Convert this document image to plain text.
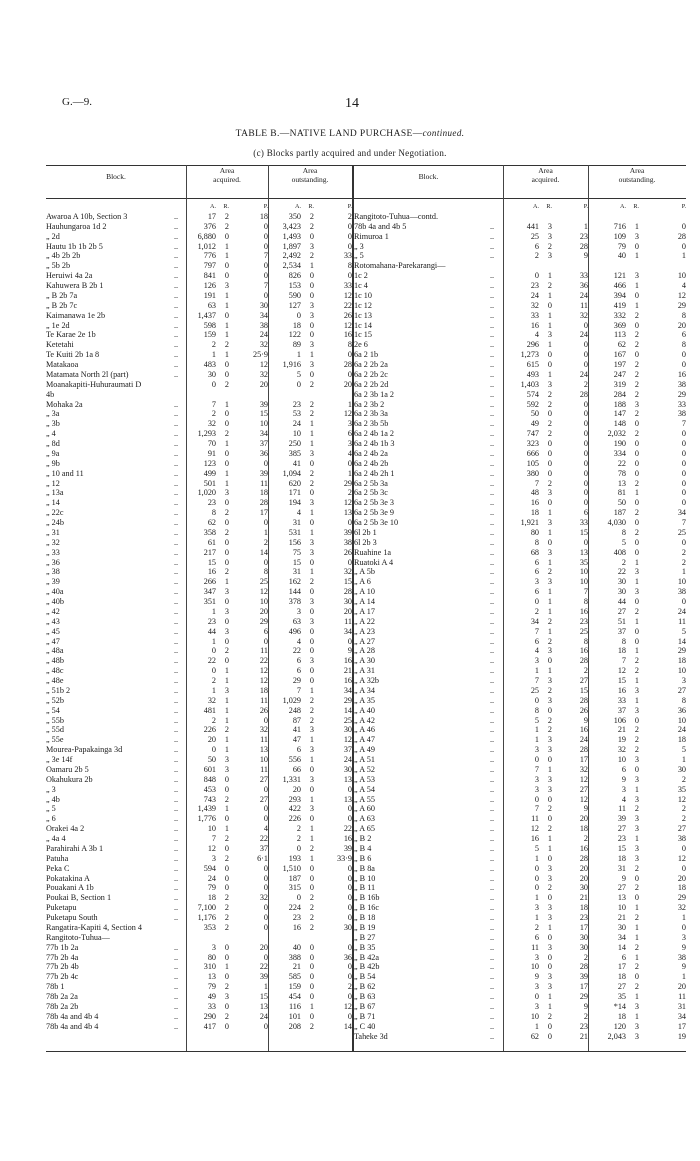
G.—9.	14
TABLE B.—NATIVE LAND PURCHASE—continued.
(c) Blocks partly acquired and under Negotiation.
Block.
Area
acquired.
Area
outstanding.	Block.
Area
acquired.
Area
outstanding.
		A.	R.	P.	A.	R.	P.
Awaroa A 10b, Section 3	..	17	2	18	350	2	2
Hauhungaroa 1d 2	..	376	2	0	3,423	2	0
„ 2d	..	6,880	0	0	1,493	0	0
Hautu 1b 1b 2b 5	..	1,012	1	0	1,897	3	0
„ 4b 2b 2b	..	776	1	7	2,492	2	33
„ 5b 2b	..	797	0	0	2,534	1	8
Heruiwi 4a 2a	..	841	0	0	826	0	0
Kahuwera B 2b 1	..	126	3	7	153	0	33
„ B 2b 7a	..	191	1	0	590	0	12
„ B 2b 7c	..	63	1	30	127	3	22
Kaimanawa 1e 2b	..	1,437	0	34	0	3	26
„ 1e 2d	..	598	1	38	18	0	12
Te Karae 2e 1b	..	159	1	24	122	0	16
Ketetahi	..	2	2	32	89	3	8
Te Kuiti 2b 1a 8	..	1	1	25·9	1	1	0
Matakaoa	..	483	0	12	1,916	3	28
Matamata North 2l (part)	..	30	0	32	5	0	0
Moanakapiti-Huhuraumati D		0	2	20	0	2	20
4b							
Mohaka 2a	..	7	1	39	23	2	1
„ 3a	..	2	0	15	53	2	12
„ 3b	..	32	0	10	24	1	3
„ 4	..	1,293	2	34	10	1	6
„ 8d	..	70	1	37	250	1	3
„ 9a	..	91	0	36	385	3	4
„ 9b	..	123	0	0	41	0	0
„ 10 and 11	..	499	1	39	1,094	2	1
„ 12	..	501	1	11	620	2	29
„ 13a	..	1,020	3	18	171	0	2
„ 14	..	23	0	28	194	3	12
„ 22c	..	8	2	17	4	1	13
„ 24b	..	62	0	0	31	0	0
„ 31	..	358	2	1	531	1	39
„ 32	..	61	0	2	156	3	38
„ 33	..	217	0	14	75	3	26
„ 36	..	15	0	0	15	0	0
„ 38	..	16	2	8	31	1	32
„ 39	..	266	1	25	162	2	15
„ 40a	..	347	3	12	144	0	28
„ 40b	..	351	0	10	378	3	30
„ 42	..	1	3	20	3	0	20
„ 43	..	23	0	29	63	3	11
„ 45	..	44	3	6	496	0	34
„ 47	..	1	0	0	4	0	0
„ 48a	..	0	2	11	22	0	9
„ 48b	..	22	0	22	6	3	16
„ 48c	..	0	1	12	6	0	21
„ 48e	..	2	1	12	29	0	16
„ 51b 2	..	1	3	18	7	1	34
„ 52b	..	32	1	11	1,029	2	29
„ 54	..	481	1	26	248	2	14
„ 55b	..	2	1	0	87	2	25
„ 55d	..	226	2	32	41	3	30
„ 55e	..	20	1	11	47	1	12
Mourea-Papakainga 3d	..	0	1	13	6	3	37
„ 3e 14f	..	50	3	10	556	1	24
Oamaru 2b 5	..	601	3	11	66	0	30
Okahukura 2b	..	848	0	27	1,331	3	13
„ 3	..	453	0	0	20	0	0
„ 4b	..	743	2	27	293	1	13
„ 5	..	1,439	1	0	422	3	0
„ 6	..	1,776	0	0	226	0	0
Orakei 4a 2	..	10	1	4	2	1	22
„ 4a 4	..	7	2	22	2	1	16
Parahirahi A 3b 1	..	12	0	37	0	2	39
Patuha	..	3	2	6·1	193	1	33·9
Peka C	..	594	0	0	1,510	0	0
Pokatakina A	..	24	0	0	187	0	0
Pouakani A 1b	..	79	0	0	315	0	0
Poukai B, Section 1	..	18	2	32	0	2	0
Puketapu	..	7,100	2	0	224	2	0
Puketapu South	..	1,176	2	0	23	2	0
Rangatira-Kapiti 4, Section 4		353	2	0	16	2	30
Rangitoto-Tuhua—							
77b 1b 2a	..	3	0	20	40	0	0
77b 2b 4a	..	80	0	0	388	0	36
77b 2b 4b	..	310	1	22	21	0	0
77b 2b 4c	..	13	0	39	585	0	0
78b 1	..	79	2	1	159	0	2
78b 2a 2a	..	49	3	15	454	0	0
78b 2a 2b	..	33	0	13	116	1	12
78b 4a and 4b 4	..	290	2	24	101	0	0
78b 4a and 4b 4	..	417	0	0	208	2	14
		A.	R.	P.	A.	R.	P.
Rangitoto-Tuhua—contd.							
78b 4a and 4b 5	..	441	3	1	716	1	0
Rimuroa 1	..	25	3	23	109	3	28
„ 3	..	6	2	28	79	0	0
„ 5	..	2	3	9	40	1	1
Rotomahana-Parekarangi—							
1c 2	..	0	1	33	121	3	10
1c 4	..	23	2	36	466	1	4
1c 10	..	24	1	24	394	0	12
1c 12	..	32	0	11	419	1	29
1c 13	..	33	1	32	332	2	8
1c 14	..	16	1	0	369	0	20
1c 15	..	4	3	24	113	2	6
2e 6	..	296	1	0	62	2	8
6a 2 1b	..	1,273	0	0	167	0	0
6a 2 2b 2a	..	615	0	0	197	2	0
6a 2 2b 2c	..	493	1	24	247	2	16
6a 2 2b 2d	..	1,403	3	2	319	2	38
6a 2 3b 1a 2	..	574	2	28	284	2	29
6a 2 3b 2	..	592	2	0	188	3	33
6a 2 3b 3a	..	50	0	0	147	2	38
6a 2 3b 5b	..	49	2	0	148	0	7
6a 2 4b 1a 2	..	747	2	0	2,032	2	0
6a 2 4b 1b 3	..	323	0	0	190	0	0
6a 2 4b 2a	..	666	0	0	334	0	0
6a 2 4b 2b	..	105	0	0	22	0	0
6a 2 4b 2h 1	..	380	0	0	78	0	0
6a 2 5b 3a	..	7	2	0	13	2	0
6a 2 5b 3c	..	48	3	0	81	1	0
6a 2 5b 3e 3	..	16	0	0	50	0	0
6a 2 5b 3e 9	..	18	1	6	187	2	34
6a 2 5b 3e 10	..	1,921	3	33	4,030	0	7
6l 2b 1	..	80	1	15	8	2	25
6l 2b 3	..	8	0	0	5	0	0
Ruahine 1a	..	68	3	13	408	0	2
Ruatoki A 4	..	6	1	35	2	1	2
„ A 5b	..	6	2	10	22	3	1
„ A 6	..	3	3	10	30	1	10
„ A 10	..	6	1	7	30	3	38
„ A 14	..	0	1	8	44	0	0
„ A 17	..	2	1	16	27	2	24
„ A 22	..	34	2	23	51	1	11
„ A 23	..	7	1	25	37	0	5
„ A 27	..	6	2	8	8	0	14
„ A 28	..	4	3	16	18	1	29
„ A 30	..	3	0	28	7	2	18
„ A 31	..	1	1	2	12	2	10
„ A 32b	..	7	3	27	15	1	3
„ A 34	..	25	2	15	16	3	27
„ A 35	..	0	3	28	33	1	8
„ A 40	..	8	0	26	37	3	36
„ A 42	..	5	2	9	106	0	10
„ A 46	..	1	2	16	21	2	24
„ A 47	..	1	3	24	19	2	18
„ A 49	..	3	3	28	32	2	5
„ A 51	..	0	0	17	10	3	1
„ A 52	..	7	1	32	6	0	30
„ A 53	..	3	3	12	9	3	2
„ A 54	..	3	3	27	3	1	35
„ A 55	..	0	0	12	4	3	12
„ A 60	..	7	2	9	11	2	2
„ A 63	..	11	0	20	39	3	2
„ A 65	..	12	2	18	27	3	27
„ B 2	..	16	1	2	23	1	38
„ B 4	..	5	1	16	15	3	0
„ B 6	..	1	0	28	18	3	12
„ B 8a	..	0	3	20	31	2	0
„ B 10	..	0	3	20	9	0	20
„ B 11	..	0	2	30	27	2	18
„ B 16b	..	1	0	21	13	0	29
„ B 16c	..	3	3	18	10	1	32
„ B 18	..	1	3	23	21	2	1
„ B 19	..	2	1	17	30	1	0
„ B 27	..	6	0	30	34	1	3
„ B 35	..	11	3	30	14	2	9
„ B 42a	..	3	0	2	6	1	38
„ B 42b	..	10	0	28	17	2	9
„ B 54	..	9	3	39	18	0	1
„ B 62	..	3	3	17	27	2	20
„ B 63	..	0	1	29	35	1	11
„ B 67	..	3	1	9	*14	3	31
„ B 71	..	10	2	2	18	1	34
„ C 40	..	1	0	23	120	3	17
Taheke 3d	..	62	0	21	2,043	3	19
